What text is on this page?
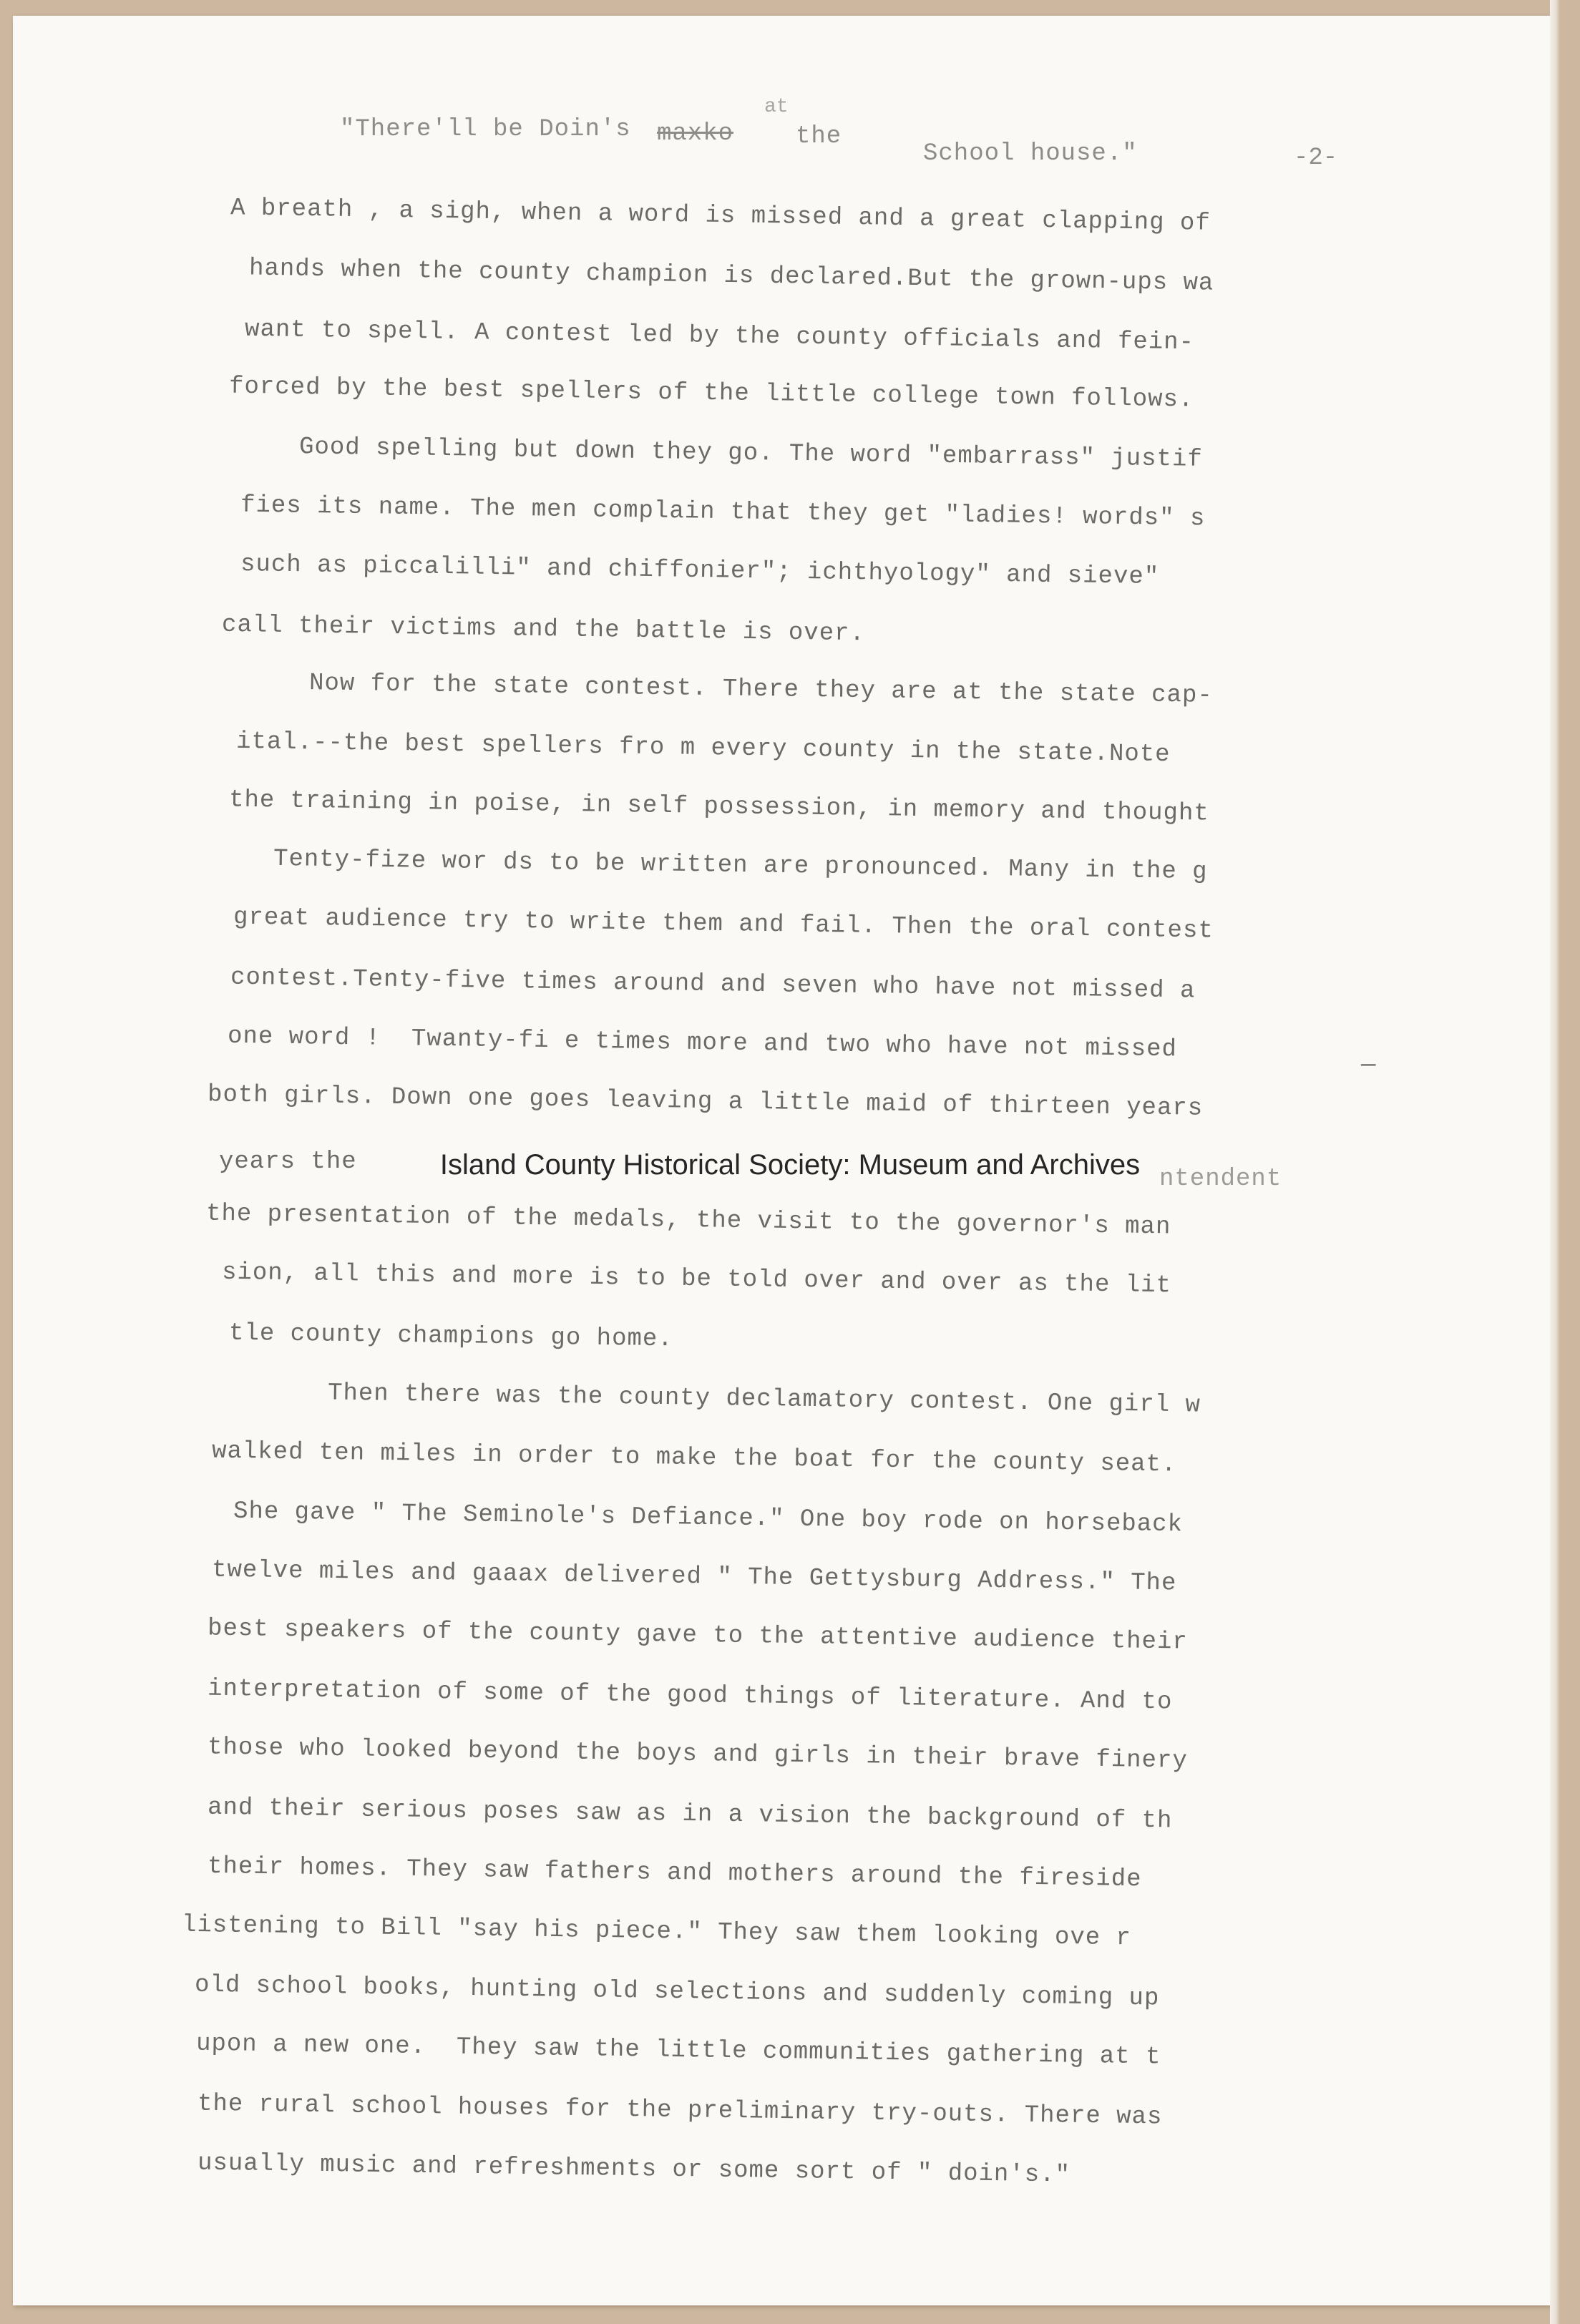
"There'll be Doin's maxko
at
the
School house."	-2-
A breath , a sigh, when a word is missed and a great clapping of
hands when the county champion is declared.But the grown-ups wa
want to spell. A contest led by the county officials and fein-
forced by the best spellers of the little college town follows.
Good spelling but down they go. The word "embarrass" justif
fies its name. The men complain that they get "ladies! words" s
such as piccalilli" and chiffonier"; ichthyology" and sieve"
call their victims and the battle is over.
Now for the state contest. There they are at the state cap-
ital.--the best spellers fro m every county in the state.Note
the training in poise, in self possession, in memory and thought
Tenty-fize wor ds to be written are pronounced. Many in the g
great audience try to write them and fail. Then the oral contest
contest.Tenty-five times around and seven who have not missed a
one word !  Twanty-fi e times more and two who have not missed
both girls. Down one goes leaving a little maid of thirteen years
years the
ntendent
the presentation of the medals, the visit to the governor's man
sion, all this and more is to be told over and over as the lit
tle county champions go home.
Then there was the county declamatory contest. One girl w
walked ten miles in order to make the boat for the county seat.
She gave " The Seminole's Defiance." One boy rode on horseback
twelve miles and gaaax delivered " The Gettysburg Address." The
best speakers of the county gave to the attentive audience their
interpretation of some of the good things of literature. And to
those who looked beyond the boys and girls in their brave finery
and their serious poses saw as in a vision the background of th
their homes. They saw fathers and mothers around the fireside
listening to Bill "say his piece." They saw them looking ove r
old school books, hunting old selections and suddenly coming up
upon a new one.  They saw the little communities gathering at t
the rural school houses for the preliminary try-outs. There was
usually music and refreshments or some sort of " doin's."
—
Island County Historical Society: Museum and Archives
